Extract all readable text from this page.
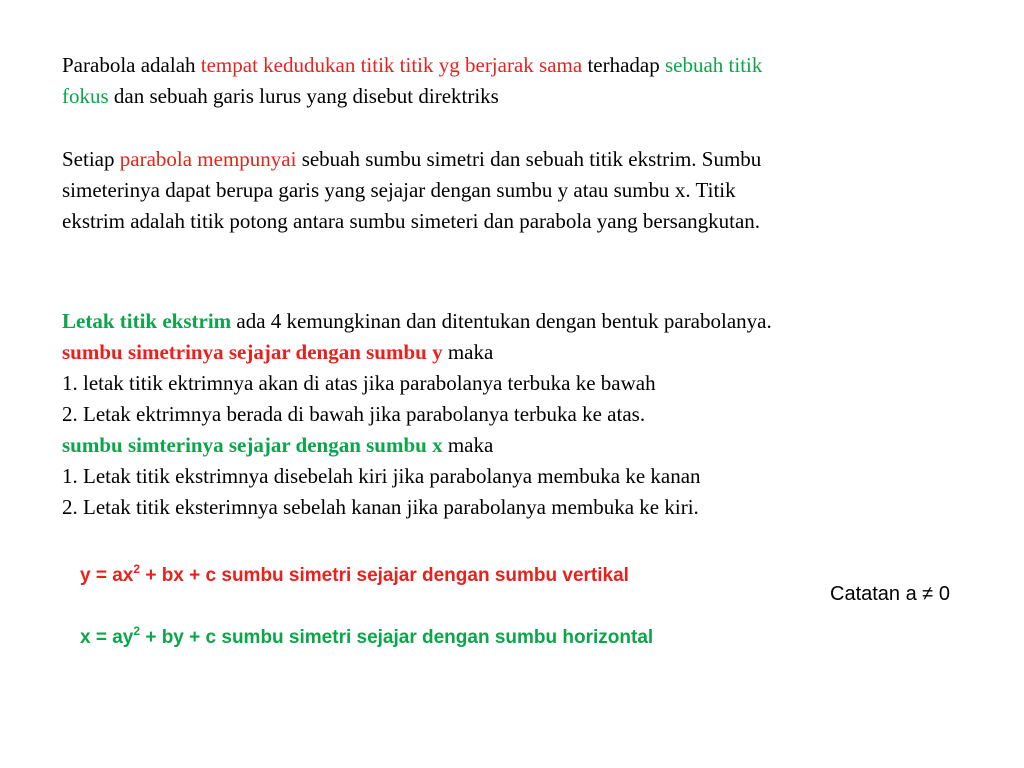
Parabola adalah tempat kedudukan titik titik yg berjarak sama terhadap sebuah titik
fokus dan sebuah garis lurus yang disebut direktriks
Setiap parabola mempunyai sebuah sumbu simetri dan sebuah titik ekstrim. Sumbu
simeterinya dapat berupa garis yang sejajar dengan sumbu y atau sumbu x. Titik
ekstrim adalah titik potong antara sumbu simeteri dan parabola yang bersangkutan.
Letak titik ekstrim ada 4 kemungkinan dan ditentukan dengan bentuk parabolanya.
sumbu simetrinya sejajar dengan sumbu y maka
1. letak titik ektrimnya akan di atas jika parabolanya terbuka ke bawah
2. Letak ektrimnya berada di bawah jika parabolanya terbuka ke atas.
sumbu simterinya sejajar dengan sumbu x maka
1. Letak titik ekstrimnya disebelah kiri jika parabolanya membuka ke kanan
2. Letak titik eksterimnya sebelah kanan jika parabolanya membuka ke kiri.
$y = ax^2$ + bx + c sumbu simetri sejajar dengan sumbu vertikal
$x = ay^2$ + by + c sumbu simetri sejajar dengan sumbu horizontal
Catatan a ≠ 0
